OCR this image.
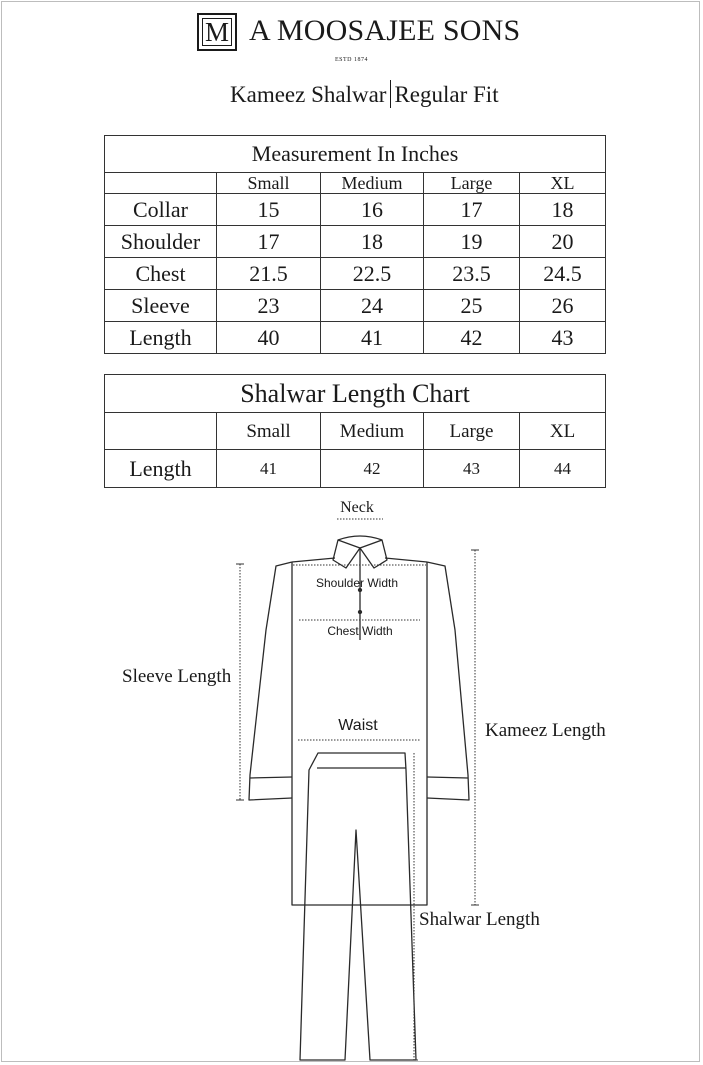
M A MOOSAJEE SONS
ESTD 1874
Kameez Shalwar Regular Fit
Measurement In Inches				
	Small	Medium	Large	XL
Collar	15	16	17	18
Shoulder	17	18	19	20
Chest	21.5	22.5	23.5	24.5
Sleeve	23	24	25	26
Length	40	41	42	43
Shalwar Length Chart				
	Small	Medium	Large	XL
Length	41	42	43	44
Neck
Shoulder Width
Chest Width
Waist
Sleeve Length
Kameez Length
Shalwar Length
